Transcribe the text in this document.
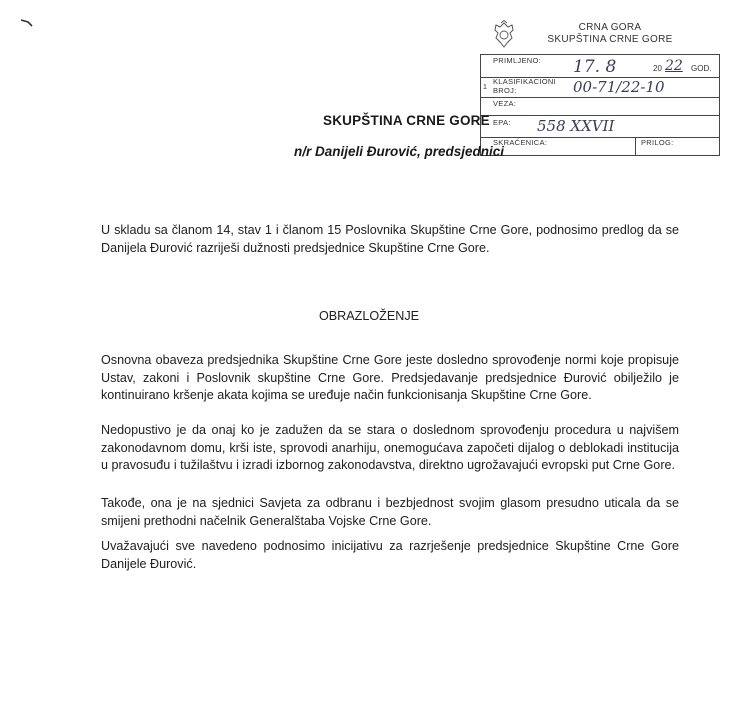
CRNA GORA
SKUPŠTINA CRNE GORE
PRIMLJENO: 17. 8	20 22 GOD.
1
KLASIFIKACIONI
BROJ:	00-71/22-10
VEZA:
EPA: 558 XXVII
SKRAĆENICA:	PRILOG:
SKUPŠTINA CRNE GORE
n/r Danijeli Đurović, predsjednici
U skladu sa članom 14, stav 1 i članom 15 Poslovnika Skupštine Crne Gore, podnosimo predlog da se Danijela Đurović razriješi dužnosti predsjednice Skupštine Crne Gore.
OBRAZLOŽENJE
Osnovna obaveza predsjednika Skupštine Crne Gore jeste dosledno sprovođenje normi koje propisuje Ustav, zakoni i Poslovnik skupštine Crne Gore. Predsjedavanje predsjednice Đurović obilježilo je kontinuirano kršenje akata kojima se uređuje način funkcionisanja Skupštine Crne Gore.
Nedopustivo je da onaj ko je zadužen da se stara o doslednom sprovođenju procedura u najvišem zakonodavnom domu, krši iste, sprovodi anarhiju, onemogućava započeti dijalog o deblokadi institucija u pravosuđu i tužilaštvu i izradi izbornog zakonodavstva, direktno ugrožavajući evropski put Crne Gore.
Takođe, ona je na sjednici Savjeta za odbranu i bezbjednost svojim glasom presudno uticala da se smijeni prethodni načelnik Generalštaba Vojske Crne Gore.
Uvažavajući sve navedeno podnosimo inicijativu za razrješenje predsjednice Skupštine Crne Gore Danijele Đurović.
